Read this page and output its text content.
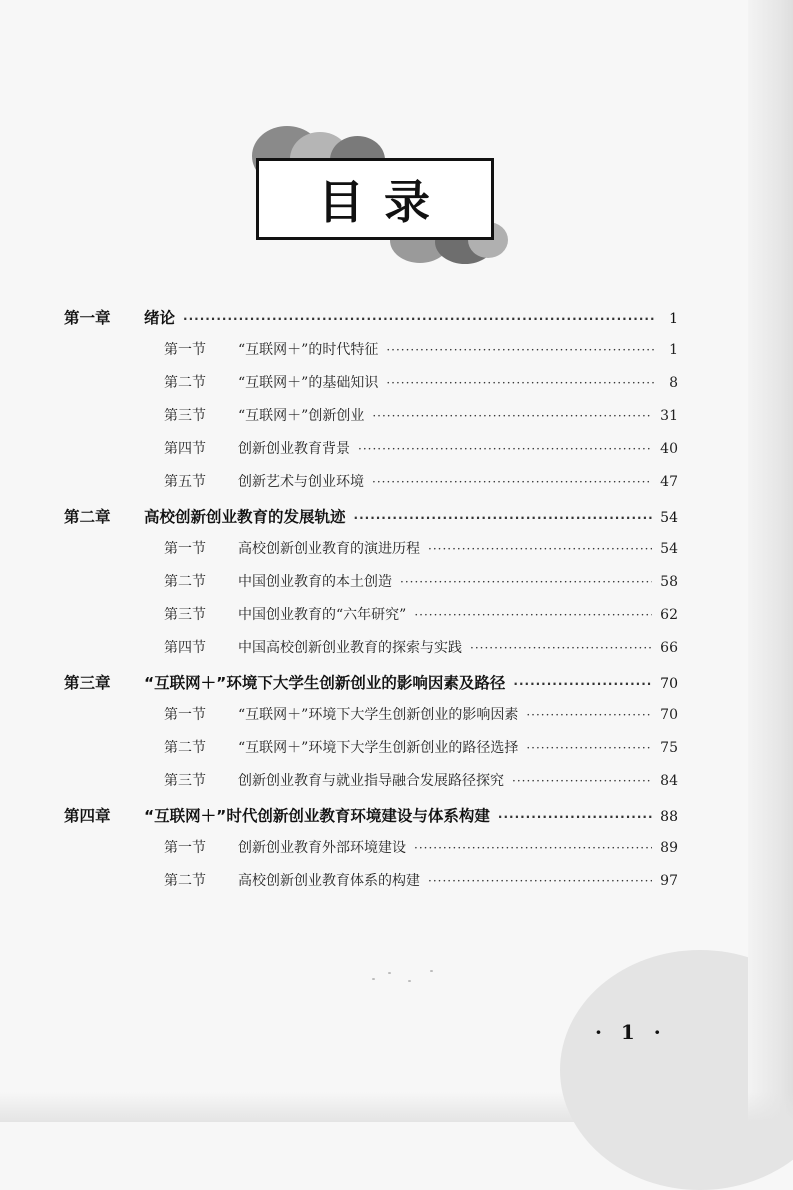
目录
第一章	绪论 ·····	1
第一节	“互联网＋”的时代特征 ·····	1
第二节	“互联网＋”的基础知识 ·····	8
第三节	“互联网＋”创新创业 ·····	31
第四节	创新创业教育背景 ·····	40
第五节	创新艺术与创业环境 ·····	47
第二章	高校创新创业教育的发展轨迹 ·····	54
第一节	高校创新创业教育的演进历程 ·····	54
第二节	中国创业教育的本土创造 ·····	58
第三节	中国创业教育的“六年研究” ·····	62
第四节	中国高校创新创业教育的探索与实践 ·····	66
第三章	“互联网＋”环境下大学生创新创业的影响因素及路径 ·····	70
第一节	“互联网＋”环境下大学生创新创业的影响因素 ·····	70
第二节	“互联网＋”环境下大学生创新创业的路径选择 ·····	75
第三节	创新创业教育与就业指导融合发展路径探究 ·····	84
第四章	“互联网＋”时代创新创业教育环境建设与体系构建 ·····	88
第一节	创新创业教育外部环境建设 ·····	89
第二节	高校创新创业教育体系的构建 ·····	97
· 1 ·
